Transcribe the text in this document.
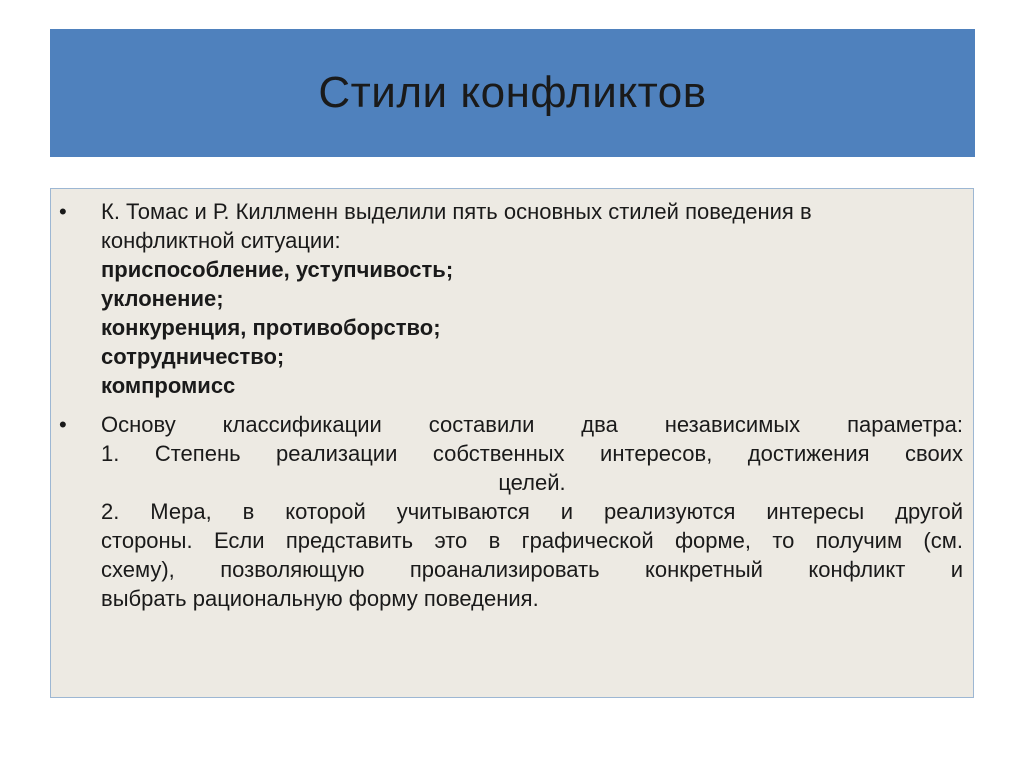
Стили конфликтов
• К. Томас и Р. Киллменн выделили пять основных стилей поведения в
конфликтной ситуации:
приспособление, уступчивость;
уклонение;
конкуренция, противоборство;
сотрудничество;
компромисс
• Основу классификации составили два независимых параметра:
1. Степень реализации собственных интересов, достижения своих
целей.
2. Мера, в которой учитываются и реализуются интересы другой
стороны. Если представить это в графической форме, то получим (см.
схему), позволяющую проанализировать конкретный конфликт и
выбрать рациональную форму поведения.
